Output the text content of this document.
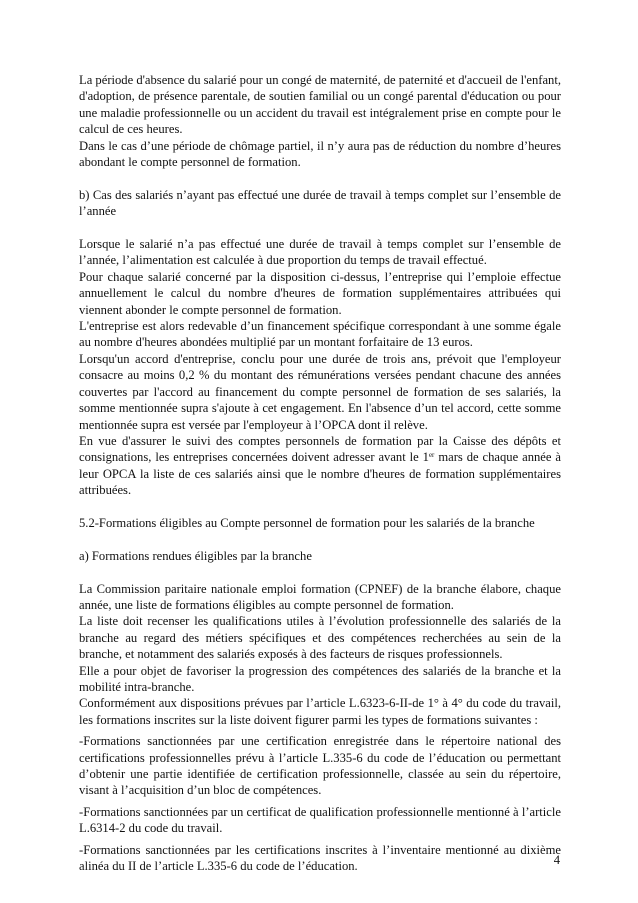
La période d'absence du salarié pour un congé de maternité, de paternité et d'accueil de l'enfant, d'adoption, de présence parentale, de soutien familial ou un congé parental d'éducation ou pour une maladie professionnelle ou un accident du travail est intégralement prise en compte pour le calcul de ces heures.

Dans le cas d’une période de chômage partiel, il n’y aura pas de réduction du nombre d’heures abondant le compte personnel de formation.

b) Cas des salariés n’ayant pas effectué une durée de travail à temps complet sur l’ensemble de l’année

Lorsque le salarié n’a pas effectué une durée de travail à temps complet sur l’ensemble de l’année, l’alimentation est calculée à due proportion du temps de travail effectué.

Pour chaque salarié concerné par la disposition ci-dessus, l’entreprise qui l’emploie effectue annuellement le calcul du nombre d'heures de formation supplémentaires attribuées qui viennent abonder le compte personnel de formation.

L'entreprise est alors redevable d’un financement spécifique correspondant à une somme égale au nombre d'heures abondées multiplié par un montant forfaitaire de 13 euros.

Lorsqu'un accord d'entreprise, conclu pour une durée de trois ans, prévoit que l'employeur consacre au moins 0,2 % du montant des rémunérations versées pendant chacune des années couvertes par l'accord au financement du compte personnel de formation de ses salariés, la somme mentionnée supra s'ajoute à cet engagement. En l'absence d’un tel accord, cette somme mentionnée supra est versée par l'employeur à l’OPCA dont il relève.

En vue d'assurer le suivi des comptes personnels de formation par la Caisse des dépôts et consignations, les entreprises concernées doivent adresser avant le 1er mars de chaque année à leur OPCA la liste de ces salariés ainsi que le nombre d'heures de formation supplémentaires attribuées.

5.2-Formations éligibles au Compte personnel de formation pour les salariés de la branche

a) Formations rendues éligibles par la branche

La Commission paritaire nationale emploi formation (CPNEF) de la branche élabore, chaque année, une liste de formations éligibles au compte personnel de formation.

La liste doit recenser les qualifications utiles à l’évolution professionnelle des salariés de la branche au regard des métiers spécifiques et des compétences recherchées au sein de la branche, et notamment des salariés exposés à des facteurs de risques professionnels.

Elle a pour objet de favoriser la progression des compétences des salariés de la branche et la mobilité intra-branche.

Conformément aux dispositions prévues par l’article L.6323-6-II-de 1° à 4° du code du travail, les formations inscrites sur la liste doivent figurer parmi les types de formations suivantes :

-Formations sanctionnées par une certification enregistrée dans le répertoire national des certifications professionnelles prévu à l’article L.335-6 du code de l’éducation ou permettant d’obtenir une partie identifiée de certification professionnelle, classée au sein du répertoire, visant à l’acquisition d’un bloc de compétences.

-Formations sanctionnées par un certificat de qualification professionnelle mentionné à l’article L.6314-2 du code du travail.

-Formations sanctionnées par les certifications inscrites à l’inventaire mentionné au dixième alinéa du II de l’article L.335-6 du code de l’éducation.	4
